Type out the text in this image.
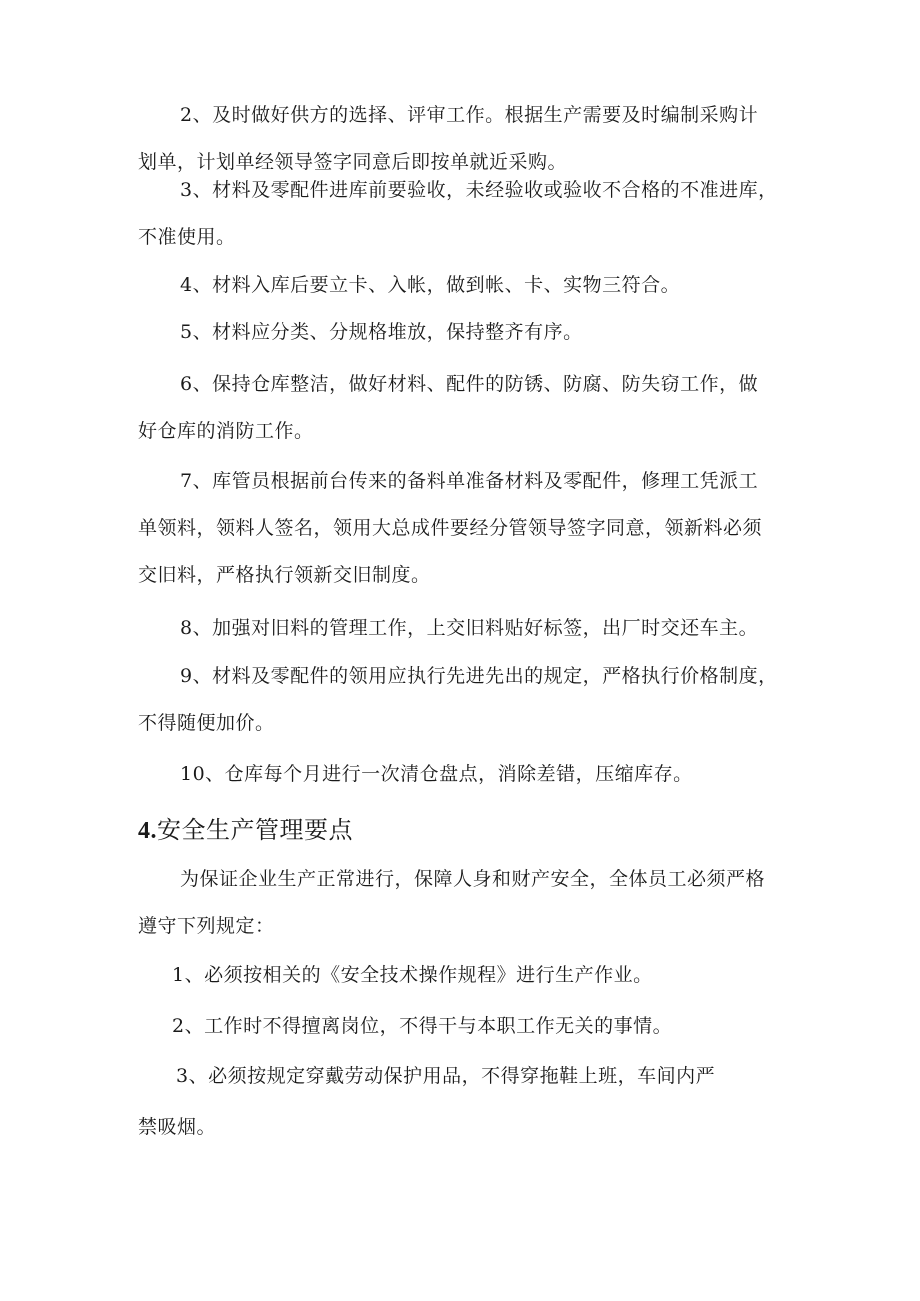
2、及时做好供方的选择、评审工作。根据生产需要及时编制采购计
划单，计划单经领导签字同意后即按单就近采购。

3、材料及零配件进库前要验收，未经验收或验收不合格的不准进库，
不准使用。

4、材料入库后要立卡、入帐，做到帐、卡、实物三符合。

5、材料应分类、分规格堆放，保持整齐有序。

6、保持仓库整洁，做好材料、配件的防锈、防腐、防失窃工作，做
好仓库的消防工作。

7、库管员根据前台传来的备料单准备材料及零配件，修理工凭派工
单领料，领料人签名，领用大总成件要经分管领导签字同意，领新料必须
交旧料，严格执行领新交旧制度。

8、加强对旧料的管理工作，上交旧料贴好标签，出厂时交还车主。

9、材料及零配件的领用应执行先进先出的规定，严格执行价格制度，
不得随便加价。

10、仓库每个月进行一次清仓盘点，消除差错，压缩库存。

4.安全生产管理要点

为保证企业生产正常进行，保障人身和财产安全，全体员工必须严格
遵守下列规定：

1、必须按相关的《安全技术操作规程》进行生产作业。

2、工作时不得擅离岗位，不得干与本职工作无关的事情。

3、必须按规定穿戴劳动保护用品，不得穿拖鞋上班，车间内严
禁吸烟。
